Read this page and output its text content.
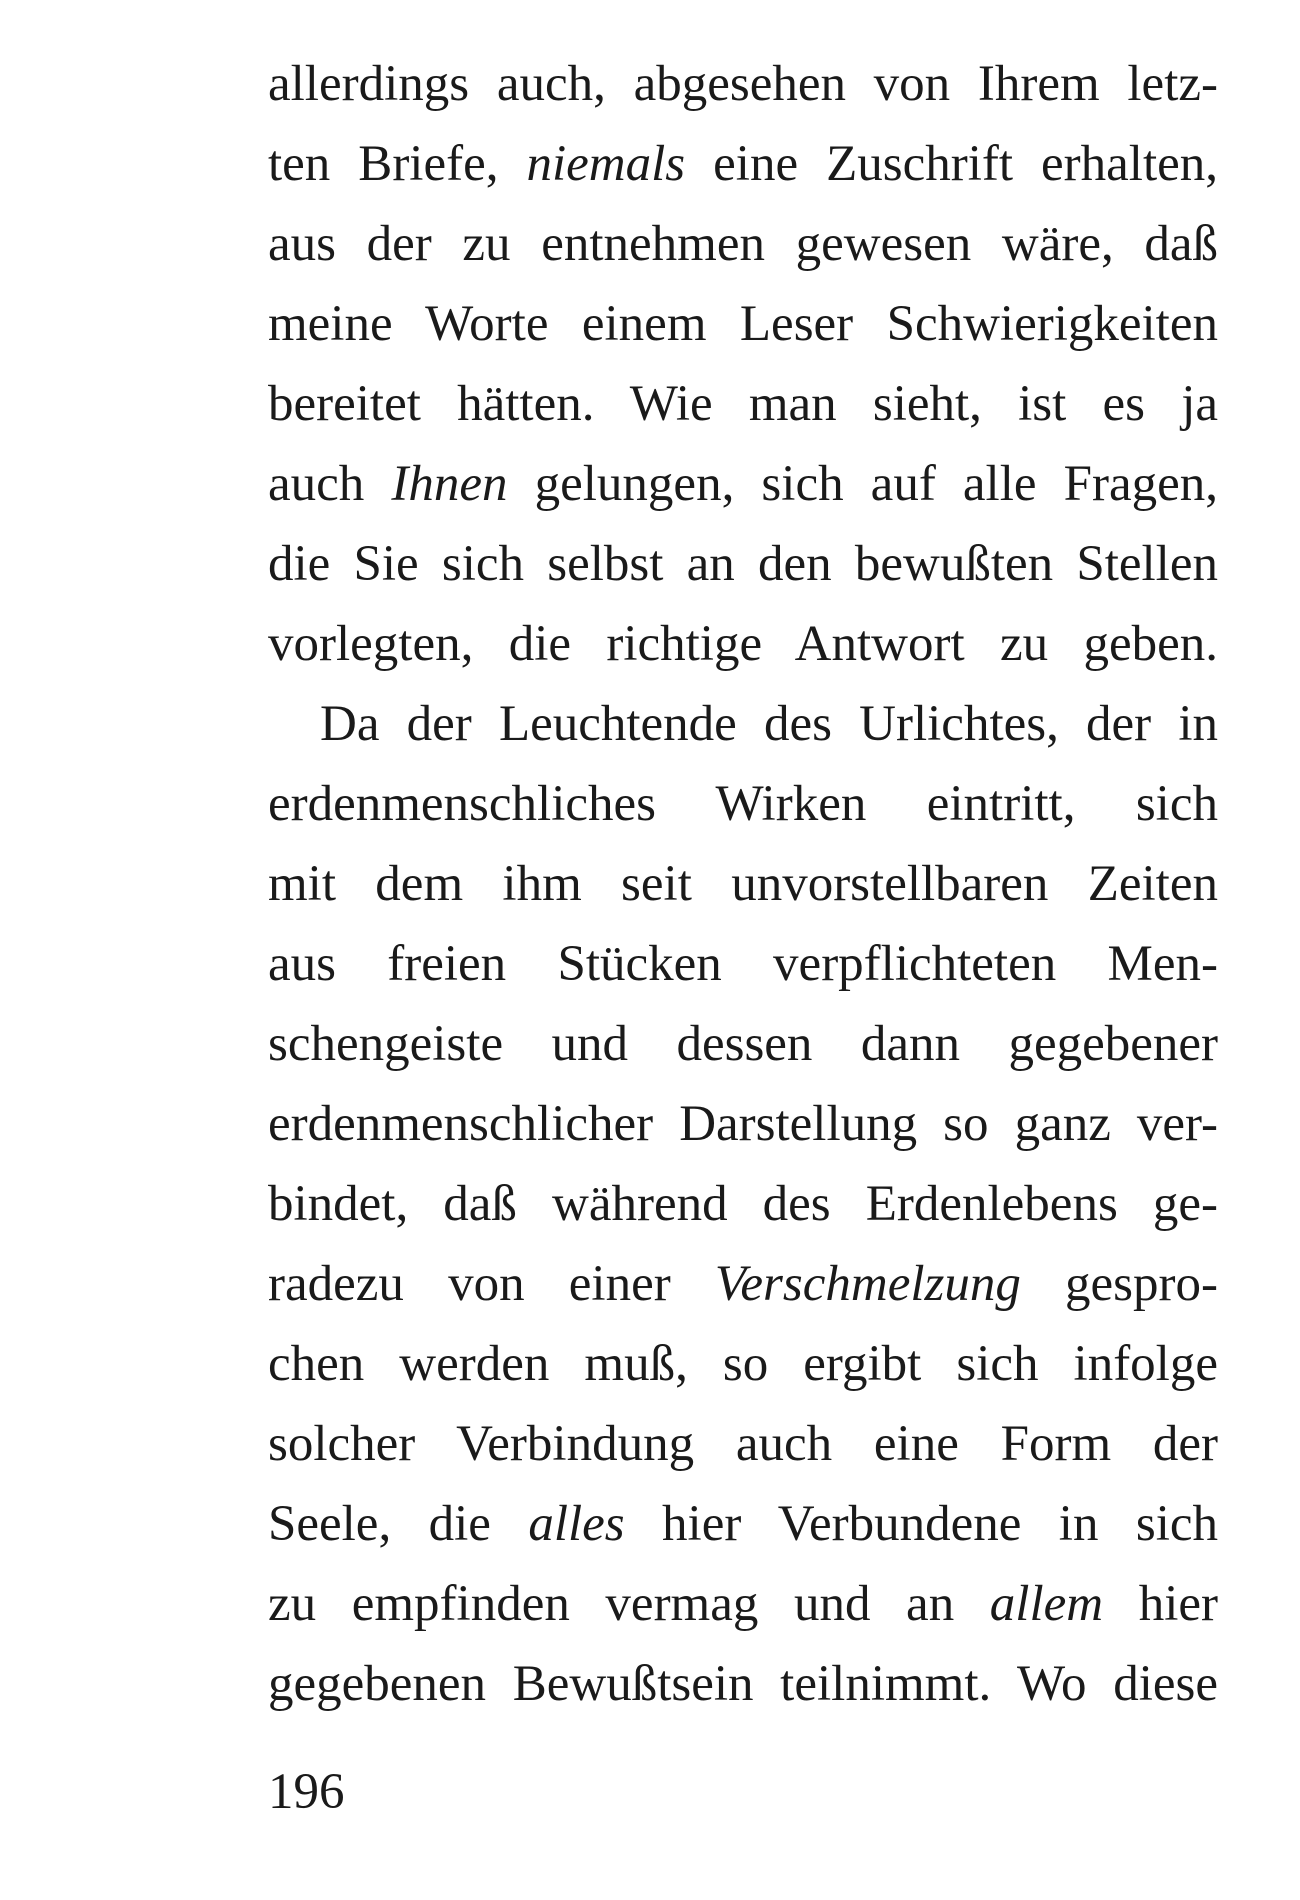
allerdings auch, abgesehen von Ihrem letz-
ten Briefe, niemals eine Zuschrift erhalten,
aus der zu entnehmen gewesen wäre, daß
meine Worte einem Leser Schwierigkeiten
bereitet hätten. Wie man sieht, ist es ja
auch Ihnen gelungen, sich auf alle Fragen,
die Sie sich selbst an den bewußten Stellen
vorlegten, die richtige Antwort zu geben.
Da der Leuchtende des Urlichtes, der in
erdenmenschliches Wirken eintritt, sich
mit dem ihm seit unvorstellbaren Zeiten
aus freien Stücken verpflichteten Men-
schengeiste und dessen dann gegebener
erdenmenschlicher Darstellung so ganz ver-
bindet, daß während des Erdenlebens ge-
radezu von einer Verschmelzung gespro-
chen werden muß, so ergibt sich infolge
solcher Verbindung auch eine Form der
Seele, die alles hier Verbundene in sich
zu empfinden vermag und an allem hier
gegebenen Bewußtsein teilnimmt. Wo diese
196
